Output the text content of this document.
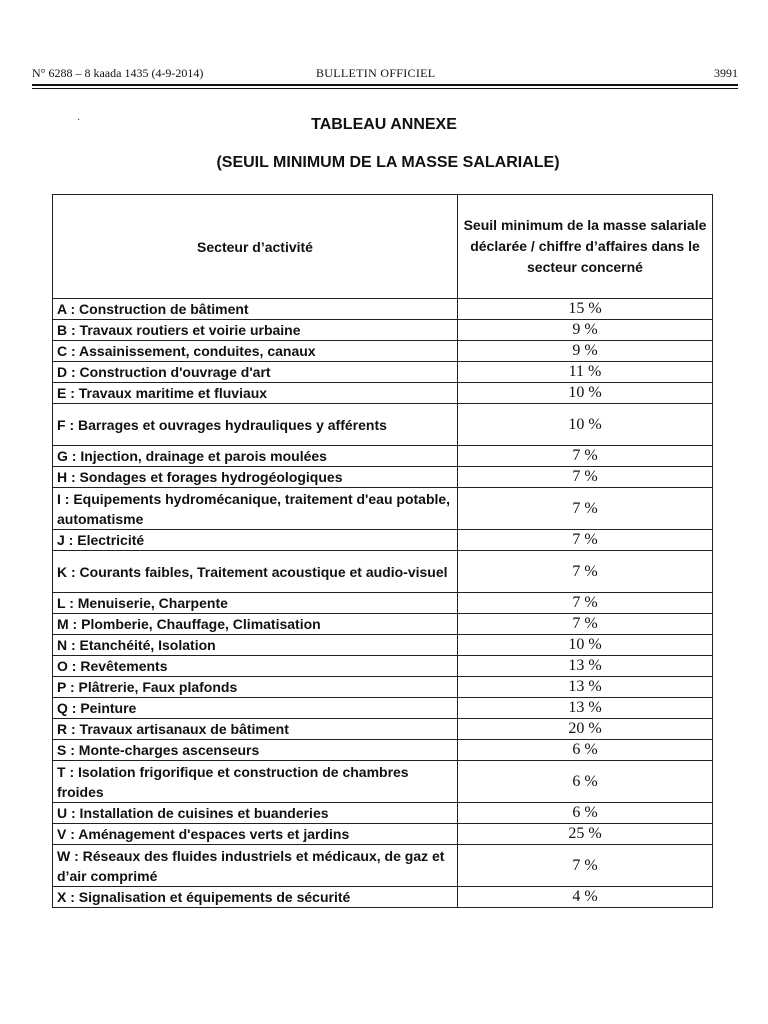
N° 6288 – 8 kaada 1435 (4-9-2014)	BULLETIN OFFICIEL	3991
·	TABLEAU ANNEXE
(SEUIL MINIMUM DE LA MASSE SALARIALE)
Secteur d’activité	Seuil minimum de la masse salariale déclarée / chiffre d’affaires dans le secteur concerné
A : Construction de bâtiment	15 %
B : Travaux routiers et voirie urbaine	9 %
C : Assainissement, conduites, canaux	9 %
D : Construction d'ouvrage d'art	11 %
E : Travaux maritime et fluviaux	10 %
F : Barrages et ouvrages hydrauliques y afférents	10 %
G : Injection, drainage et parois moulées	7 %
H : Sondages et forages hydrogéologiques	7 %
I : Equipements hydromécanique, traitement d'eau potable, automatisme	7 %
J : Electricité	7 %
K : Courants faibles, Traitement acoustique et audio-visuel	7 %
L : Menuiserie, Charpente	7 %
M : Plomberie, Chauffage, Climatisation	7 %
N : Etanchéité, Isolation	10 %
O : Revêtements	13 %
P : Plâtrerie, Faux plafonds	13 %
Q : Peinture	13 %
R : Travaux artisanaux de bâtiment	20 %
S : Monte-charges ascenseurs	6 %
T : Isolation frigorifique et construction de chambres froides	6 %
U : Installation de cuisines et buanderies	6 %
V : Aménagement d'espaces verts et jardins	25 %
W : Réseaux des fluides industriels et médicaux, de gaz et d’air comprimé	7 %
X : Signalisation et équipements de sécurité	4 %
